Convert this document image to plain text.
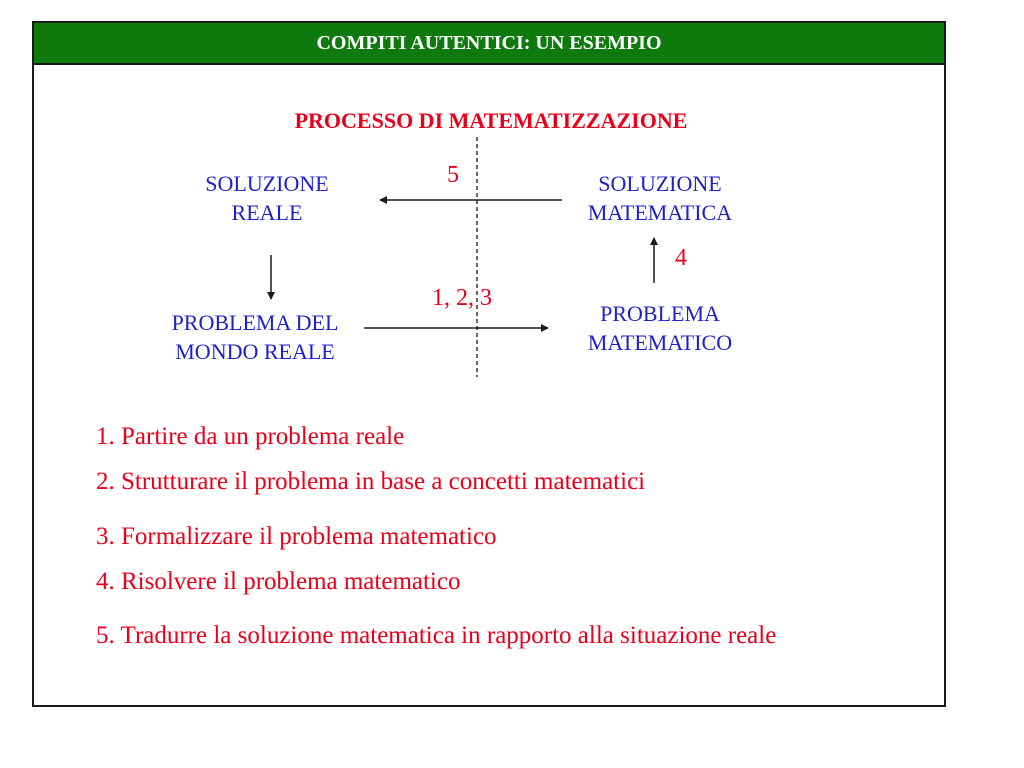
COMPITI AUTENTICI: UN ESEMPIO
PROCESSO DI MATEMATIZZAZIONE
SOLUZIONE
REALE
SOLUZIONE
MATEMATICA
PROBLEMA DEL
MONDO REALE
PROBLEMA
MATEMATICO
5
4
1, 2, 3
1. Partire da un problema reale
2. Strutturare il problema in base a concetti matematici
3. Formalizzare il problema matematico
4. Risolvere il problema matematico
5. Tradurre la soluzione matematica in rapporto alla situazione reale
